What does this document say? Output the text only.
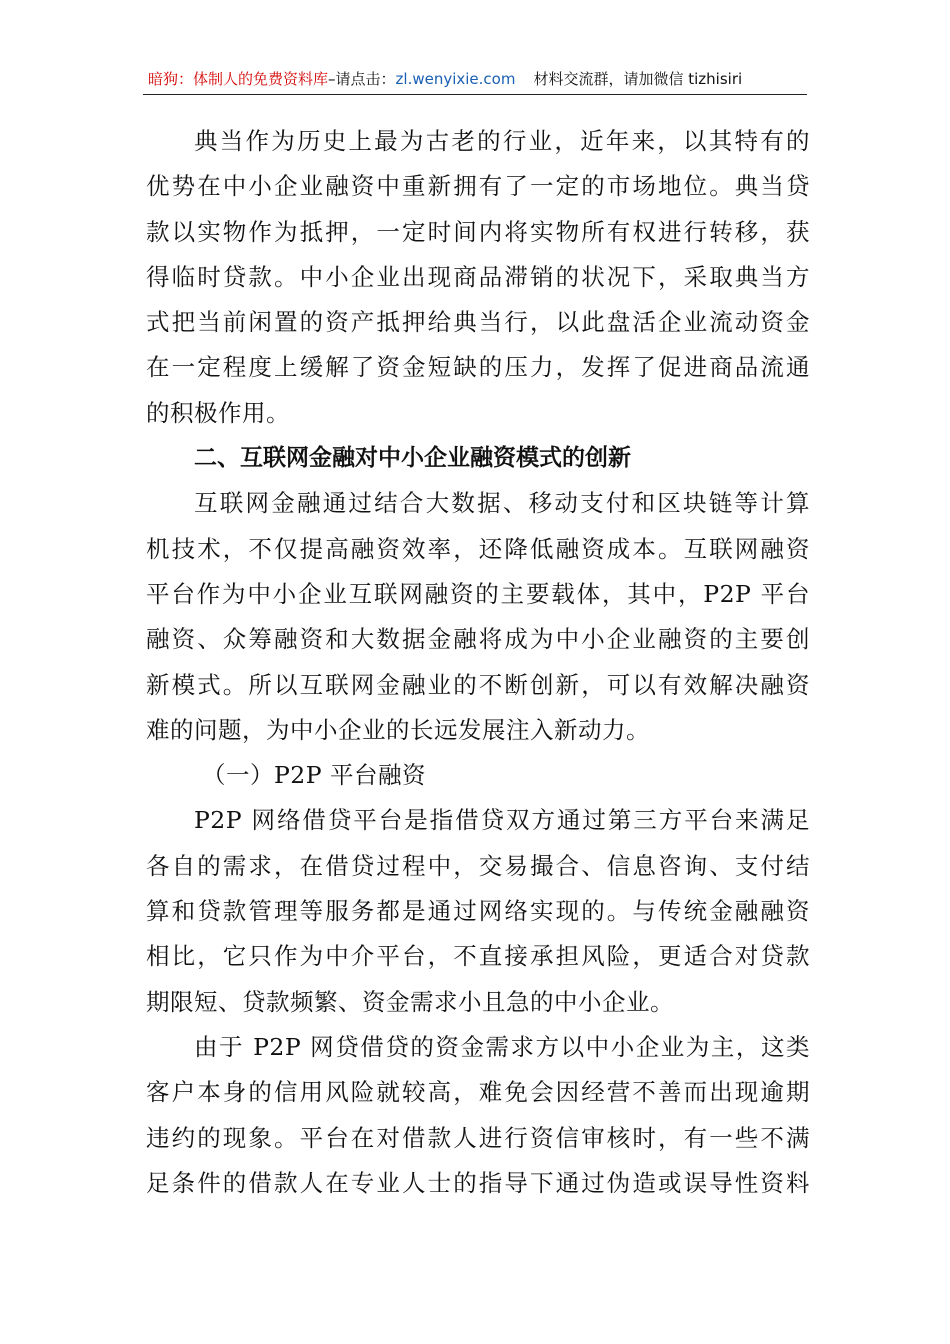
暗狗：体制人的免费资料库–请点击：zl.wenyixie.com 材料交流群，请加微信 tizhisiri
典当作为历史上最为古老的行业，近年来，以其特有的
优势在中小企业融资中重新拥有了一定的市场地位。典当贷
款以实物作为抵押，一定时间内将实物所有权进行转移，获
得临时贷款。中小企业出现商品滞销的状况下，采取典当方
式把当前闲置的资产抵押给典当行，以此盘活企业流动资金
在一定程度上缓解了资金短缺的压力，发挥了促进商品流通
的积极作用。
二、互联网金融对中小企业融资模式的创新
互联网金融通过结合大数据、移动支付和区块链等计算
机技术，不仅提高融资效率，还降低融资成本。互联网融资
平台作为中小企业互联网融资的主要载体，其中，P2P 平台
融资、众筹融资和大数据金融将成为中小企业融资的主要创
新模式。所以互联网金融业的不断创新，可以有效解决融资
难的问题，为中小企业的长远发展注入新动力。
（一）P2P 平台融资
P2P 网络借贷平台是指借贷双方通过第三方平台来满足
各自的需求，在借贷过程中，交易撮合、信息咨询、支付结
算和贷款管理等服务都是通过网络实现的。与传统金融融资
相比，它只作为中介平台，不直接承担风险，更适合对贷款
期限短、贷款频繁、资金需求小且急的中小企业。
由于 P2P 网贷借贷的资金需求方以中小企业为主，这类
客户本身的信用风险就较高，难免会因经营不善而出现逾期
违约的现象。平台在对借款人进行资信审核时，有一些不满
足条件的借款人在专业人士的指导下通过伪造或误导性资料
